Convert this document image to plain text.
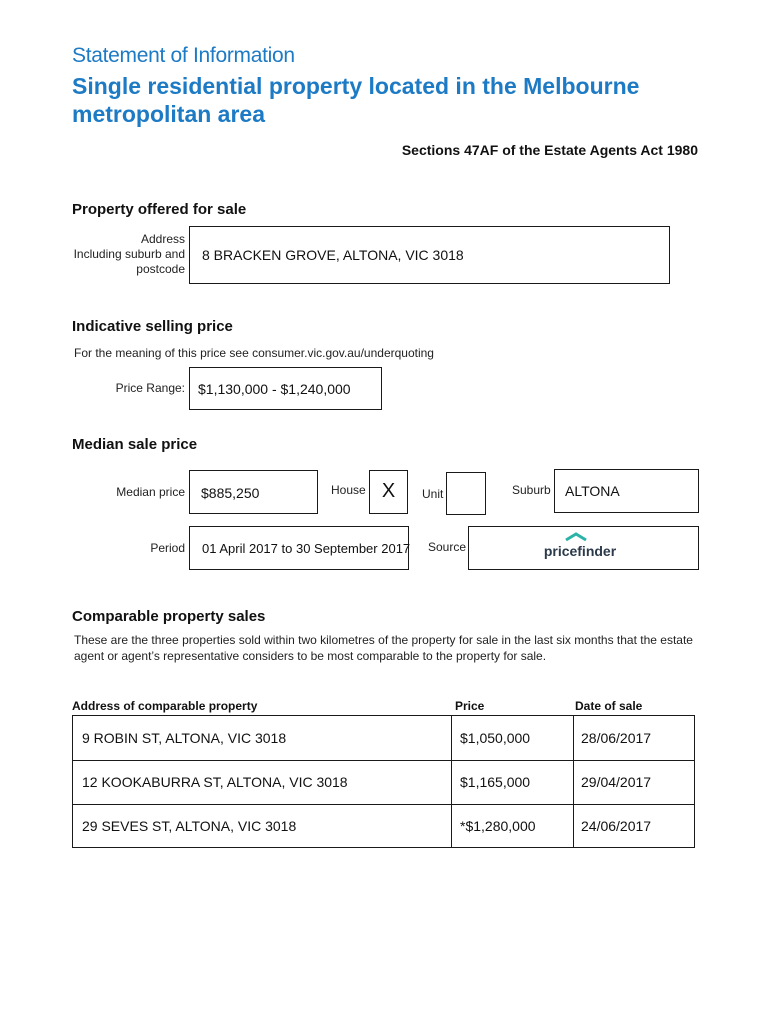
Statement of Information
Single residential property located in the Melbourne metropolitan area
Sections 47AF of the Estate Agents Act 1980
Property offered for sale
Address
Including suburb and
postcode
8 BRACKEN GROVE, ALTONA, VIC 3018
Indicative selling price
For the meaning of this price see consumer.vic.gov.au/underquoting
Price Range: $1,130,000 - $1,240,000
Median sale price
Median price $885,250	House X	Unit	Suburb ALTONA
Period 01 April 2017 to 30 September 2017 Source	pricefinder
Comparable property sales
These are the three properties sold within two kilometres of the property for sale in the last six months that the estate agent or agent’s representative considers to be most comparable to the property for sale.
Address of comparable property	Price	Date of sale
9 ROBIN ST, ALTONA, VIC 3018	$1,050,000	28/06/2017
12 KOOKABURRA ST, ALTONA, VIC 3018	$1,165,000	29/04/2017
29 SEVES ST, ALTONA, VIC 3018	*$1,280,000	24/06/2017
